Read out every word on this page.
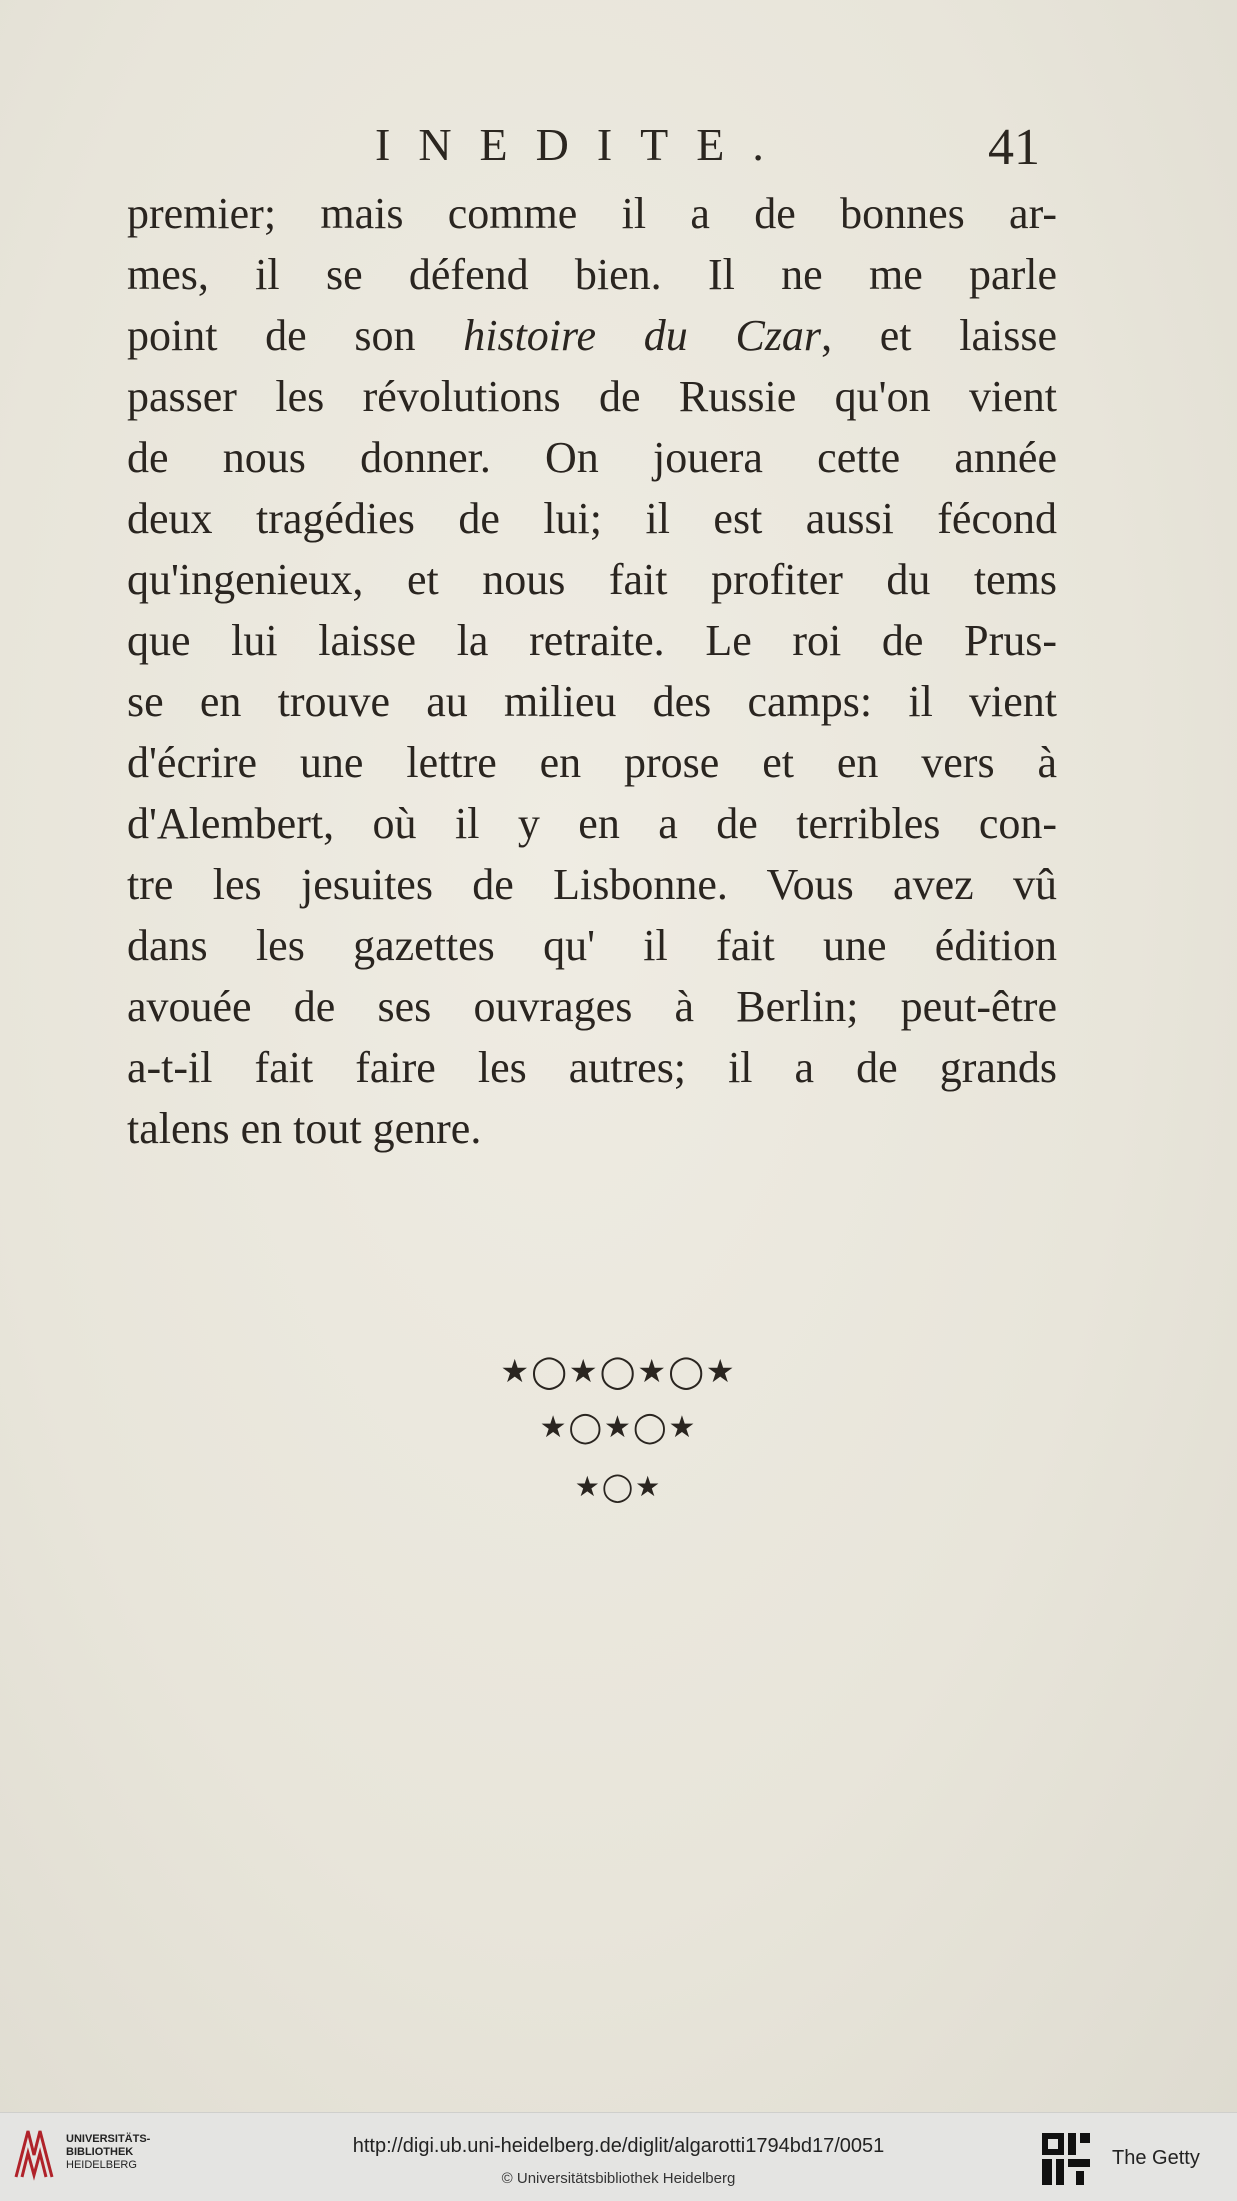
INEDITE.	41
premier; mais comme il a de bonnes ar-
mes, il se défend bien. Il ne me parle
point de son histoire du Czar, et laisse
passer les révolutions de Russie qu'on vient
de nous donner. On jouera cette année
deux tragédies de lui; il est aussi fécond
qu'ingenieux, et nous fait profiter du tems
que lui laisse la retraite. Le roi de Prus-
se en trouve au milieu des camps: il vient
d'écrire une lettre en prose et en vers à
d'Alembert, où il y en a de terribles con-
tre les jesuites de Lisbonne. Vous avez vû
dans les gazettes qu' il fait une édition
avouée de ses ouvrages à Berlin; peut-être
a-t-il fait faire les autres; il a de grands
talens en tout genre.
★◯★◯★◯★
★◯★◯★
★◯★
UNIVERSITÄTS-
BIBLIOTHEK
HEIDELBERG
http://digi.ub.uni-heidelberg.de/diglit/algarotti1794bd17/0051
© Universitätsbibliothek Heidelberg
The Getty
